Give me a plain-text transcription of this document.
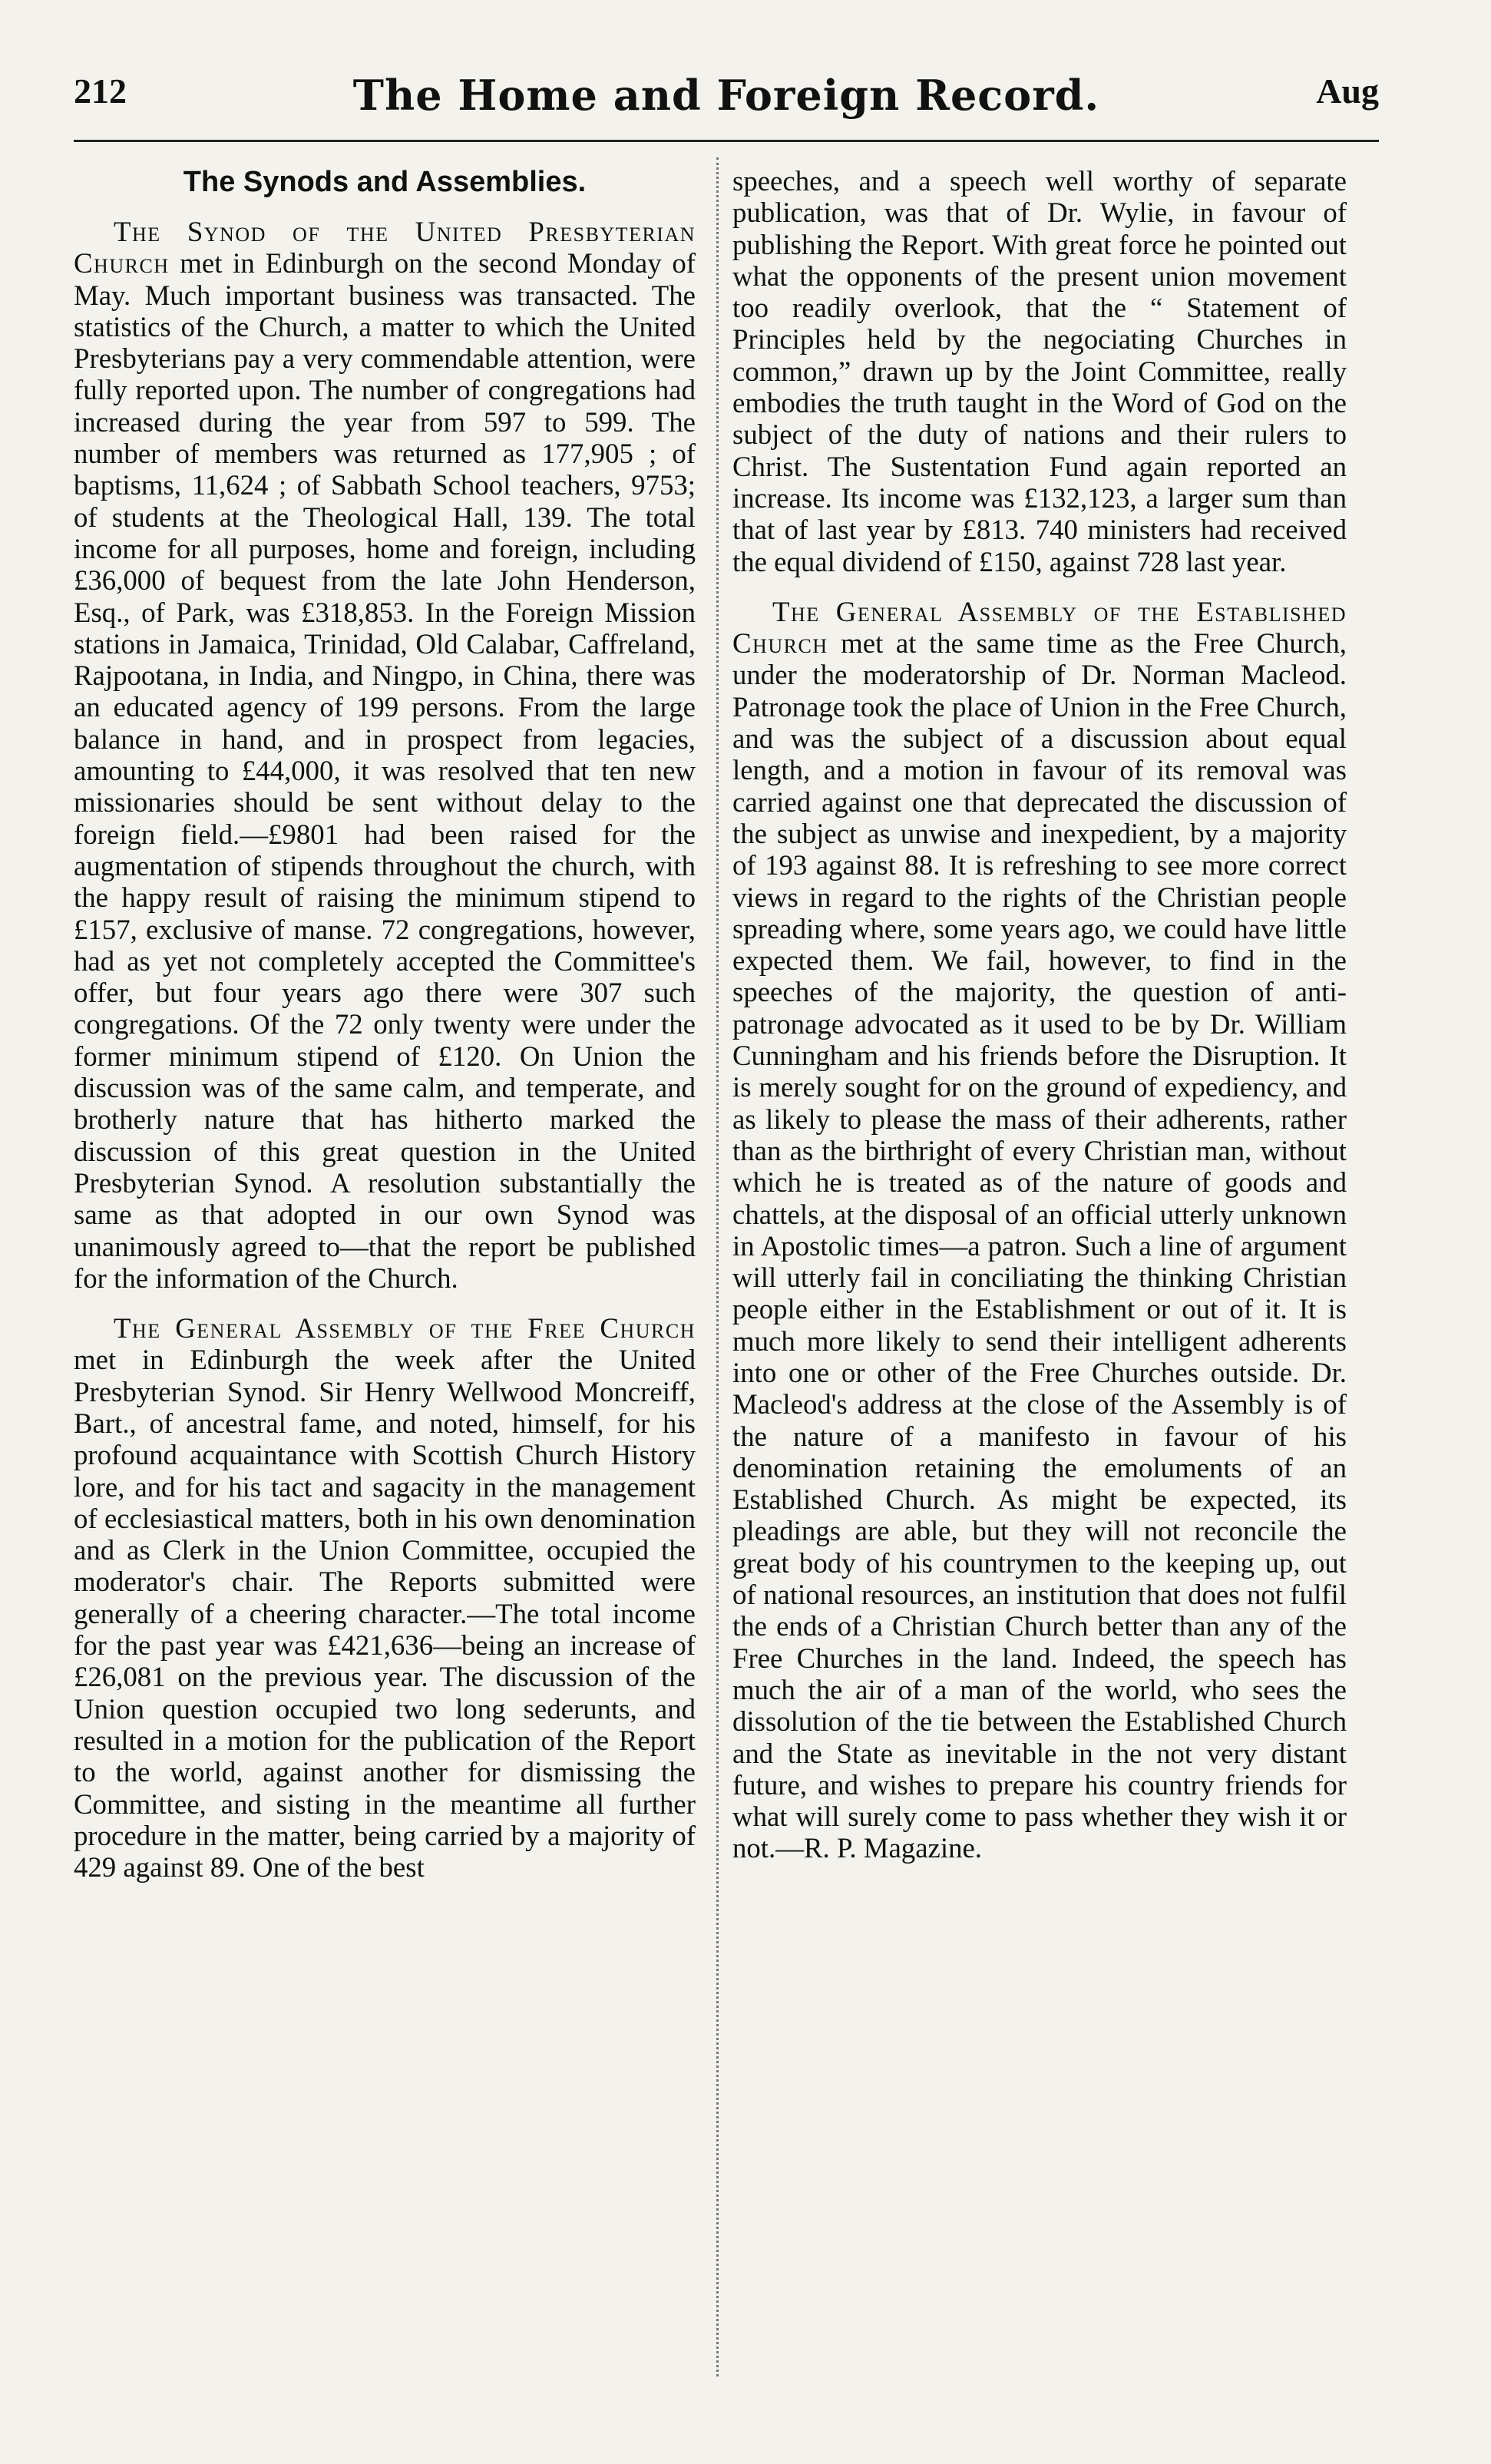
212	The Home and Foreign Record.	Aug
The Synods and Assemblies.

The Synod of the United Presbyterian Church met in Edinburgh on the second Monday of May. Much important business was transacted. The statistics of the Church, a matter to which the United Presbyterians pay a very commendable attention, were fully reported upon. The number of congregations had increased during the year from 597 to 599. The number of members was returned as 177,905 ; of baptisms, 11,624 ; of Sabbath School teachers, 9753; of students at the Theological Hall, 139. The total income for all purposes, home and foreign, including £36,000 of bequest from the late John Henderson, Esq., of Park, was £318,853. In the Foreign Mission stations in Jamaica, Trinidad, Old Calabar, Caffreland, Rajpootana, in India, and Ningpo, in China, there was an educated agency of 199 persons. From the large balance in hand, and in prospect from legacies, amounting to £44,000, it was resolved that ten new missionaries should be sent without delay to the foreign field.—£9801 had been raised for the augmentation of stipends throughout the church, with the happy result of raising the minimum stipend to £157, exclusive of manse. 72 congregations, however, had as yet not completely accepted the Committee's offer, but four years ago there were 307 such congregations. Of the 72 only twenty were under the former minimum stipend of £120. On Union the discussion was of the same calm, and temperate, and brotherly nature that has hitherto marked the discussion of this great question in the United Presbyterian Synod. A resolution substantially the same as that adopted in our own Synod was unanimously agreed to—that the report be published for the information of the Church.

The General Assembly of the Free Church met in Edinburgh the week after the United Presbyterian Synod. Sir Henry Wellwood Moncreiff, Bart., of ancestral fame, and noted, himself, for his profound acquaintance with Scottish Church History lore, and for his tact and sagacity in the management of ecclesiastical matters, both in his own denomination and as Clerk in the Union Committee, occupied the moderator's chair. The Reports submitted were generally of a cheering character.—The total income for the past year was £421,636—being an increase of £26,081 on the previous year. The discussion of the Union question occupied two long sederunts, and resulted in a motion for the publication of the Report to the world, against another for dismissing the Committee, and sisting in the meantime all further procedure in the matter, being carried by a majority of 429 against 89. One of the best

speeches, and a speech well worthy of separate publication, was that of Dr. Wylie, in favour of publishing the Report. With great force he pointed out what the opponents of the present union movement too readily overlook, that the “ Statement of Principles held by the negociating Churches in common,” drawn up by the Joint Committee, really embodies the truth taught in the Word of God on the subject of the duty of nations and their rulers to Christ. The Sustentation Fund again reported an increase. Its income was £132,123, a larger sum than that of last year by £813. 740 ministers had received the equal dividend of £150, against 728 last year.

The General Assembly of the Established Church met at the same time as the Free Church, under the moderatorship of Dr. Norman Macleod. Patronage took the place of Union in the Free Church, and was the subject of a discussion about equal length, and a motion in favour of its removal was carried against one that deprecated the discussion of the subject as unwise and inexpedient, by a majority of 193 against 88. It is refreshing to see more correct views in regard to the rights of the Christian people spreading where, some years ago, we could have little expected them. We fail, however, to find in the speeches of the majority, the question of anti-patronage advocated as it used to be by Dr. William Cunningham and his friends before the Disruption. It is merely sought for on the ground of expediency, and as likely to please the mass of their adherents, rather than as the birthright of every Christian man, without which he is treated as of the nature of goods and chattels, at the disposal of an official utterly unknown in Apostolic times—a patron. Such a line of argument will utterly fail in conciliating the thinking Christian people either in the Establishment or out of it. It is much more likely to send their intelligent adherents into one or other of the Free Churches outside. Dr. Macleod's address at the close of the Assembly is of the nature of a manifesto in favour of his denomination retaining the emoluments of an Established Church. As might be expected, its pleadings are able, but they will not reconcile the great body of his countrymen to the keeping up, out of national resources, an institution that does not fulfil the ends of a Christian Church better than any of the Free Churches in the land. Indeed, the speech has much the air of a man of the world, who sees the dissolution of the tie between the Established Church and the State as inevitable in the not very distant future, and wishes to prepare his country friends for what will surely come to pass whether they wish it or not.—R. P. Magazine.
